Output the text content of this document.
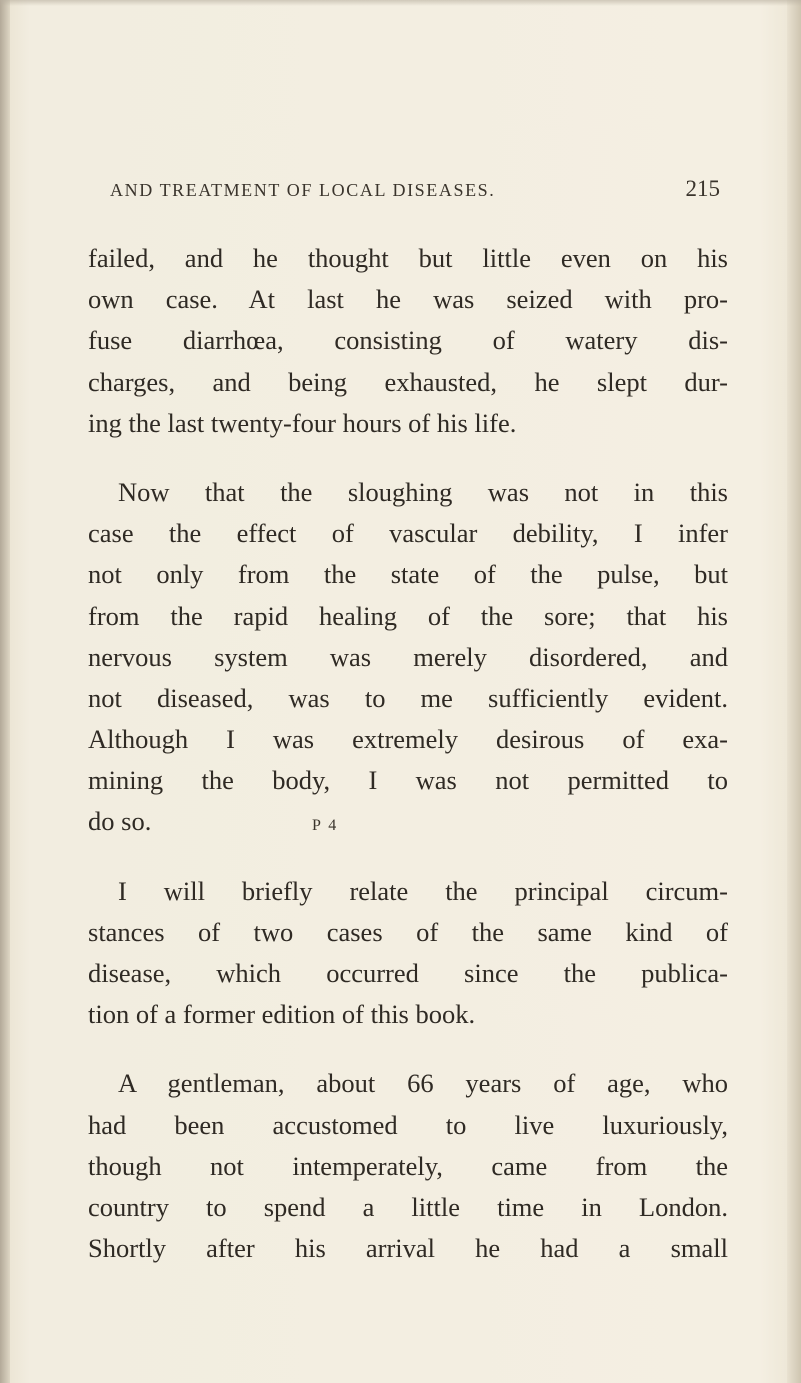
AND TREATMENT OF LOCAL DISEASES.	215
failed, and he thought but little even on his
own case. At last he was seized with pro-
fuse diarrhœa, consisting of watery dis-
charges, and being exhausted, he slept dur-
ing the last twenty-four hours of his life.
Now that the sloughing was not in this
case the effect of vascular debility, I infer
not only from the state of the pulse, but
from the rapid healing of the sore; that his
nervous system was merely disordered, and
not diseased, was to me sufficiently evident.
Although I was extremely desirous of exa-
mining the body, I was not permitted to
do so.
I will briefly relate the principal circum-
stances of two cases of the same kind of
disease, which occurred since the publica-
tion of a former edition of this book.
A gentleman, about 66 years of age, who
had been accustomed to live luxuriously,
though not intemperately, came from the
country to spend a little time in London.
Shortly after his arrival he had a small
P 4
